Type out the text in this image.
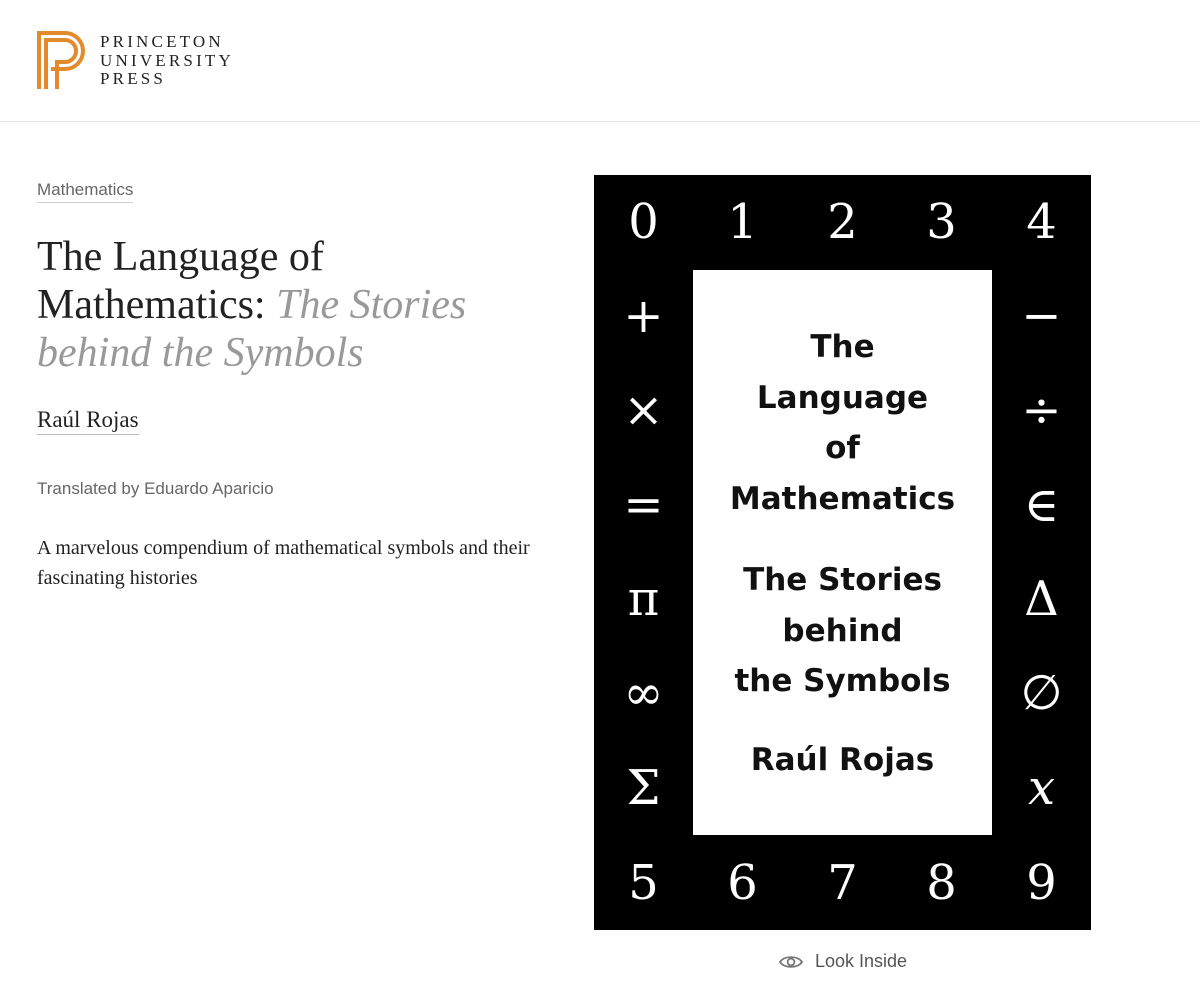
PRINCETON
UNIVERSITY
PRESS
Mathematics
The Language of Mathematics: The Stories behind the Symbols
Raúl Rojas
Translated by Eduardo Aparicio
A marvelous compendium of mathematical symbols and their fascinating histories
0	1	2	3	4
+
×
=
π
∞
Σ
−
÷
∈
Δ
∅
x
5	6	7	8	9
The
Language
of
Mathematics
The Stories
behind
the Symbols
Raúl Rojas
Look Inside
